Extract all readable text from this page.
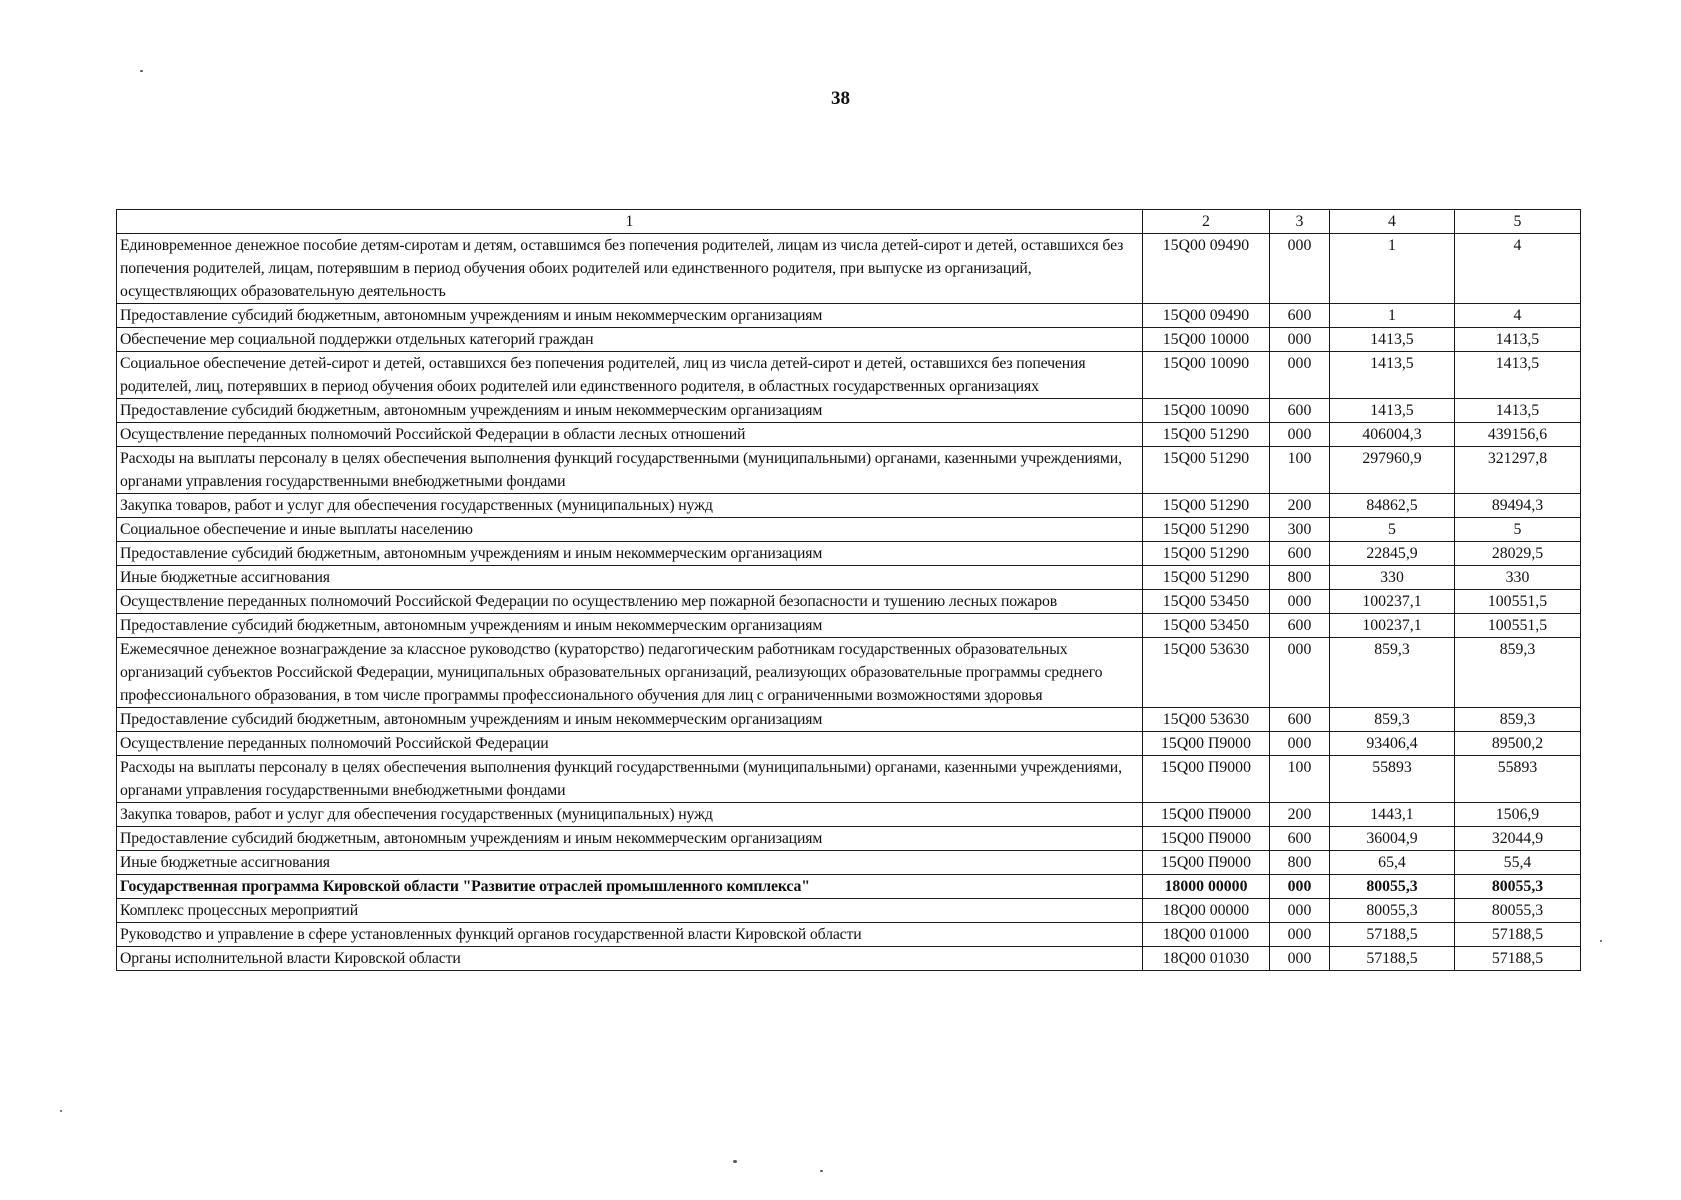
38
1	2	3	4	5
Единовременное денежное пособие детям-сиротам и детям, оставшимся без попечения родителей, лицам из числа детей-сирот и детей, оставшихся без попечения родителей, лицам, потерявшим в период обучения обоих родителей или единственного родителя, при выпуске из организаций, осуществляющих образовательную деятельность	15Q00 09490	000	1	4
Предоставление субсидий бюджетным, автономным учреждениям и иным некоммерческим организациям	15Q00 09490	600	1	4
Обеспечение мер социальной поддержки отдельных категорий граждан	15Q00 10000	000	1413,5	1413,5
Социальное обеспечение детей-сирот и детей, оставшихся без попечения родителей, лиц из числа детей-сирот и детей, оставшихся без попечения родителей, лиц, потерявших в период обучения обоих родителей или единственного родителя, в областных государственных организациях	15Q00 10090	000	1413,5	1413,5
Предоставление субсидий бюджетным, автономным учреждениям и иным некоммерческим организациям	15Q00 10090	600	1413,5	1413,5
Осуществление переданных полномочий Российской Федерации в области лесных отношений	15Q00 51290	000	406004,3	439156,6
Расходы на выплаты персоналу в целях обеспечения выполнения функций государственными (муниципальными) органами, казенными учреждениями, органами управления государственными внебюджетными фондами	15Q00 51290	100	297960,9	321297,8
Закупка товаров, работ и услуг для обеспечения государственных (муниципальных) нужд	15Q00 51290	200	84862,5	89494,3
Социальное обеспечение и иные выплаты населению	15Q00 51290	300	5	5
Предоставление субсидий бюджетным, автономным учреждениям и иным некоммерческим организациям	15Q00 51290	600	22845,9	28029,5
Иные бюджетные ассигнования	15Q00 51290	800	330	330
Осуществление переданных полномочий Российской Федерации по осуществлению мер пожарной безопасности и тушению лесных пожаров	15Q00 53450	000	100237,1	100551,5
Предоставление субсидий бюджетным, автономным учреждениям и иным некоммерческим организациям	15Q00 53450	600	100237,1	100551,5
Ежемесячное денежное вознаграждение за классное руководство (кураторство) педагогическим работникам государственных образовательных организаций субъектов Российской Федерации, муниципальных образовательных организаций, реализующих образовательные программы среднего профессионального образования, в том числе программы профессионального обучения для лиц с ограниченными возможностями здоровья	15Q00 53630	000	859,3	859,3
Предоставление субсидий бюджетным, автономным учреждениям и иным некоммерческим организациям	15Q00 53630	600	859,3	859,3
Осуществление переданных полномочий Российской Федерации	15Q00 П9000	000	93406,4	89500,2
Расходы на выплаты персоналу в целях обеспечения выполнения функций государственными (муниципальными) органами, казенными учреждениями, органами управления государственными внебюджетными фондами	15Q00 П9000	100	55893	55893
Закупка товаров, работ и услуг для обеспечения государственных (муниципальных) нужд	15Q00 П9000	200	1443,1	1506,9
Предоставление субсидий бюджетным, автономным учреждениям и иным некоммерческим организациям	15Q00 П9000	600	36004,9	32044,9
Иные бюджетные ассигнования	15Q00 П9000	800	65,4	55,4
Государственная программа Кировской области "Развитие отраслей промышленного комплекса"	18000 00000	000	80055,3	80055,3
Комплекс процессных мероприятий	18Q00 00000	000	80055,3	80055,3
Руководство и управление в сфере установленных функций органов государственной власти Кировской области	18Q00 01000	000	57188,5	57188,5
Органы исполнительной власти Кировской области	18Q00 01030	000	57188,5	57188,5
